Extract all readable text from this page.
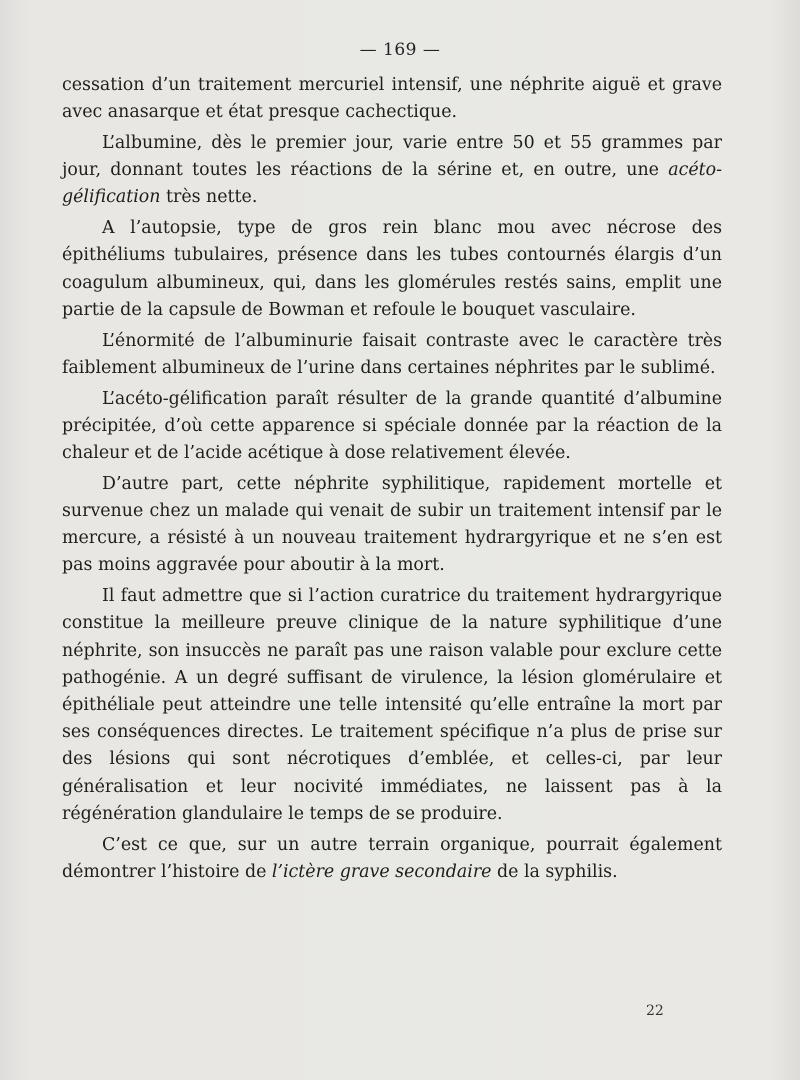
— 169 —

cessation d’un traitement mercuriel intensif, une néphrite aiguë et grave avec anasarque et état presque cachectique.

L’albumine, dès le premier jour, varie entre 50 et 55 grammes par jour, donnant toutes les réactions de la sérine et, en outre, une acéto-gélification très nette.

A l’autopsie, type de gros rein blanc mou avec nécrose des épithéliums tubulaires, présence dans les tubes contournés élargis d’un coagulum albumineux, qui, dans les glomérules restés sains, emplit une partie de la capsule de Bowman et refoule le bouquet vasculaire.

L’énormité de l’albuminurie faisait contraste avec le caractère très faiblement albumineux de l’urine dans certaines néphrites par le sublimé.

L’acéto-gélification paraît résulter de la grande quantité d’albumine précipitée, d’où cette apparence si spéciale donnée par la réaction de la chaleur et de l’acide acétique à dose relativement élevée.

D’autre part, cette néphrite syphilitique, rapidement mortelle et survenue chez un malade qui venait de subir un traitement intensif par le mercure, a résisté à un nouveau traitement hydrargyrique et ne s’en est pas moins aggravée pour aboutir à la mort.

Il faut admettre que si l’action curatrice du traitement hydrargyrique constitue la meilleure preuve clinique de la nature syphilitique d’une néphrite, son insuccès ne paraît pas une raison valable pour exclure cette pathogénie. A un degré suffisant de virulence, la lésion glomérulaire et épithéliale peut atteindre une telle intensité qu’elle entraîne la mort par ses conséquences directes. Le traitement spécifique n’a plus de prise sur des lésions qui sont nécrotiques d’emblée, et celles-ci, par leur généralisation et leur nocivité immédiates, ne laissent pas à la régénération glandulaire le temps de se produire.

C’est ce que, sur un autre terrain organique, pourrait également démontrer l’histoire de l’ictère grave secondaire de la syphilis.

22
